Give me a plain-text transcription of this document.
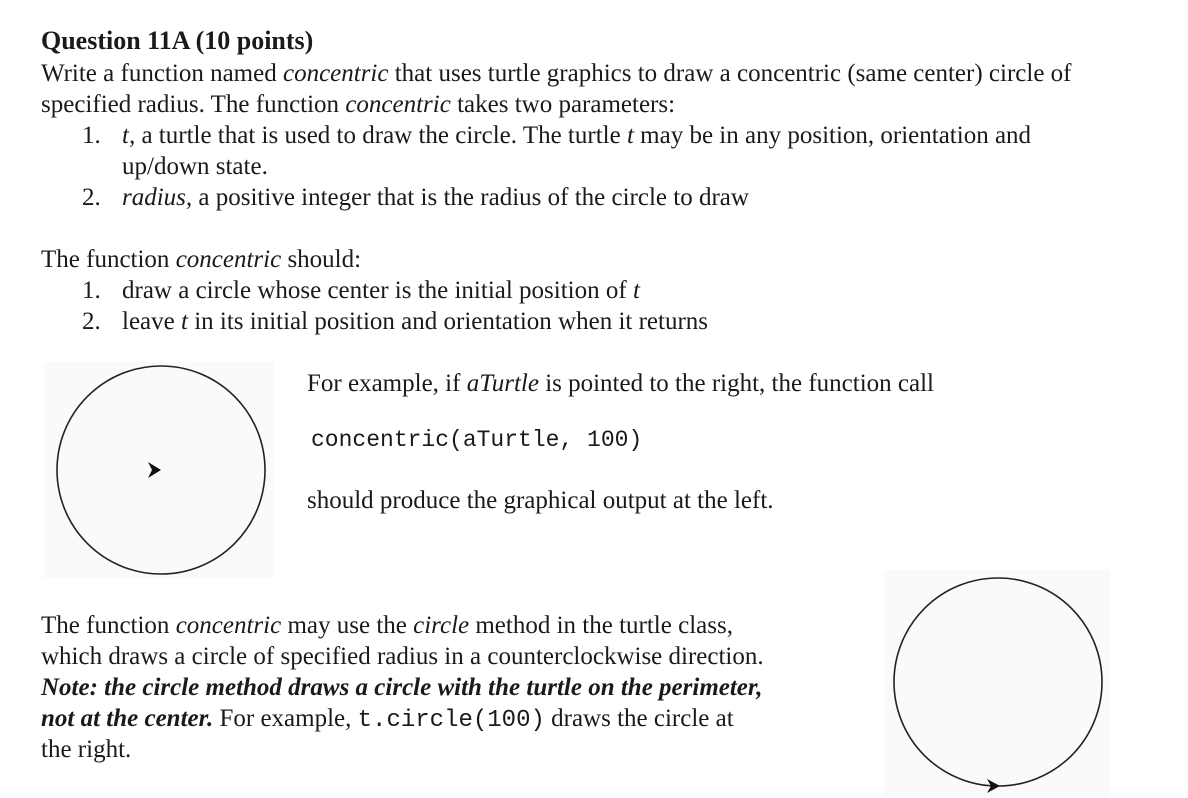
Question 11A (10 points)
Write a function named concentric that uses turtle graphics to draw a concentric (same center) circle of
specified radius. The function concentric takes two parameters:
1. t, a turtle that is used to draw the circle. The turtle t may be in any position, orientation and
up/down state.
2. radius, a positive integer that is the radius of the circle to draw
The function concentric should:
1. draw a circle whose center is the initial position of t
2. leave t in its initial position and orientation when it returns
For example, if aTurtle is pointed to the right, the function call
concentric(aTurtle, 100)
should produce the graphical output at the left.
The function concentric may use the circle method in the turtle class,
which draws a circle of specified radius in a counterclockwise direction.
Note: the circle method draws a circle with the turtle on the perimeter,
not at the center. For example, t.circle(100) draws the circle at
the right.
